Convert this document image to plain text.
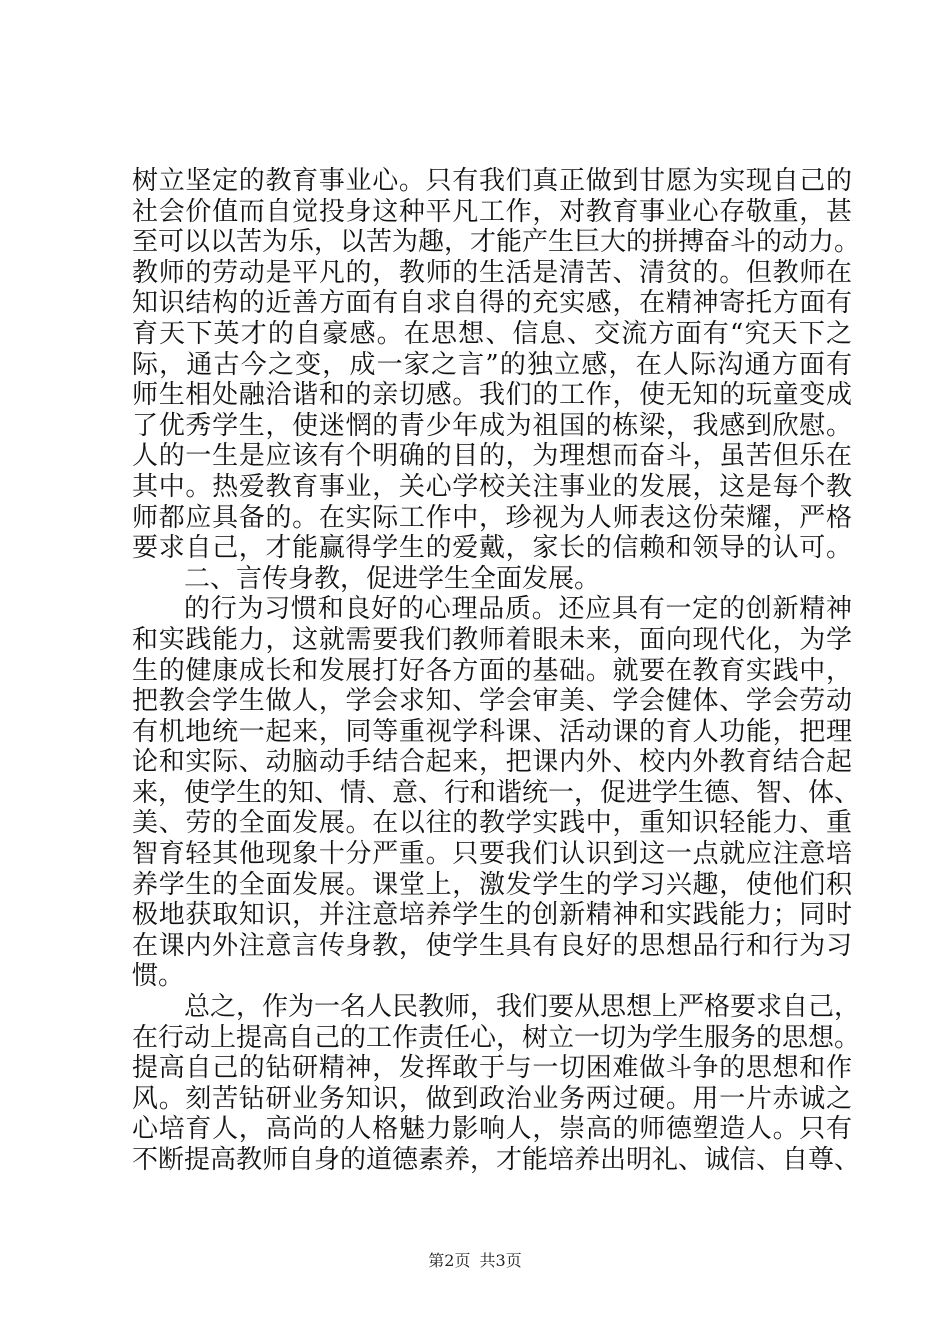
树立坚定的教育事业心。只有我们真正做到甘愿为实现自己的
社会价值而自觉投身这种平凡工作，对教育事业心存敬重，甚
至可以以苦为乐，以苦为趣，才能产生巨大的拼搏奋斗的动力。
教师的劳动是平凡的，教师的生活是清苦、清贫的。但教师在
知识结构的近善方面有自求自得的充实感，在精神寄托方面有
育天下英才的自豪感。在思想、信息、交流方面有“究天下之
际，通古今之变，成一家之言”的独立感，在人际沟通方面有
师生相处融洽谐和的亲切感。我们的工作，使无知的玩童变成
了优秀学生，使迷惘的青少年成为祖国的栋梁，我感到欣慰。
人的一生是应该有个明确的目的，为理想而奋斗，虽苦但乐在
其中。热爱教育事业，关心学校关注事业的发展，这是每个教
师都应具备的。在实际工作中，珍视为人师表这份荣耀，严格
要求自己，才能赢得学生的爱戴，家长的信赖和领导的认可。
二、言传身教，促进学生全面发展。
的行为习惯和良好的心理品质。还应具有一定的创新精神
和实践能力，这就需要我们教师着眼未来，面向现代化，为学
生的健康成长和发展打好各方面的基础。就要在教育实践中，
把教会学生做人，学会求知、学会审美、学会健体、学会劳动
有机地统一起来，同等重视学科课、活动课的育人功能，把理
论和实际、动脑动手结合起来，把课内外、校内外教育结合起
来，使学生的知、情、意、行和谐统一，促进学生德、智、体、
美、劳的全面发展。在以往的教学实践中，重知识轻能力、重
智育轻其他现象十分严重。只要我们认识到这一点就应注意培
养学生的全面发展。课堂上，激发学生的学习兴趣，使他们积
极地获取知识，并注意培养学生的创新精神和实践能力；同时
在课内外注意言传身教，使学生具有良好的思想品行和行为习
惯。
总之，作为一名人民教师，我们要从思想上严格要求自己，
在行动上提高自己的工作责任心，树立一切为学生服务的思想。
提高自己的钻研精神，发挥敢于与一切困难做斗争的思想和作
风。刻苦钻研业务知识，做到政治业务两过硬。用一片赤诚之
心培育人，高尚的人格魅力影响人，崇高的师德塑造人。只有
不断提高教师自身的道德素养，才能培养出明礼、诚信、自尊、
第2页 共3页
